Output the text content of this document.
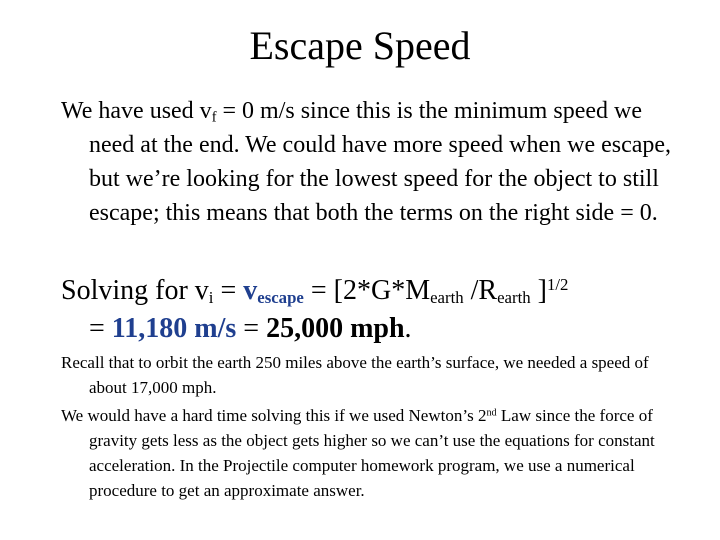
Escape Speed
We have used $v_f = 0$ m/s since this is the minimum speed we need at the end. We could have more speed when we escape, but we’re looking for the lowest speed for the object to still escape; this means that both the terms on the right side = 0.
Solving for $v_i = v_{escape} = [2*G*M_{earth}$ $/R_{earth}$ ]$^{1/2}$
= 11,180 m/s = 25,000 mph.
Recall that to orbit the earth 250 miles above the earth’s surface, we needed a speed of about 17,000 mph.
We would have a hard time solving this if we used Newton’s 2nd Law since the force of gravity gets less as the object gets higher so we can’t use the equations for constant acceleration. In the Projectile computer homework program, we use a numerical procedure to get an approximate answer.
